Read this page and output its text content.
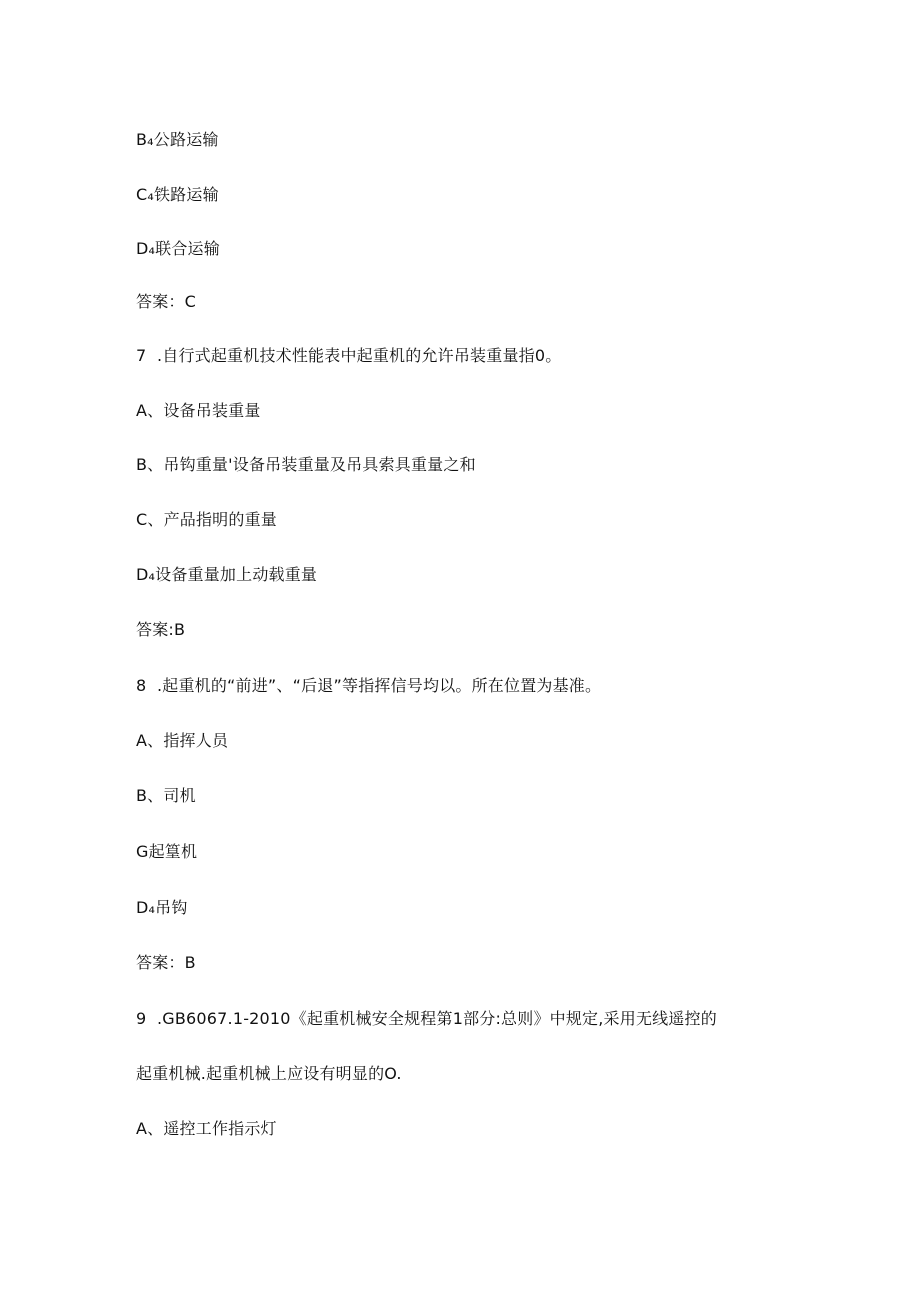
B₄公路运输
C₄铁路运输
D₄联合运输
答案：C
7  .自行式起重机技术性能表中起重机的允许吊装重量指0。
A、设备吊装重量
B、吊钩重量'设备吊装重量及吊具索具重量之和
C、产品指明的重量
D₄设备重量加上动载重量
答案:B
8  .起重机的“前进”、“后退”等指挥信号均以。所在位置为基准。
A、指挥人员
B、司机
G起篁机
D₄吊钩
答案：B
9  .GB6067.1-2010《起重机械安全规程第1部分:总则》中规定,采用无线遥控的
起重机械.起重机械上应设有明显的O.
A、遥控工作指示灯
